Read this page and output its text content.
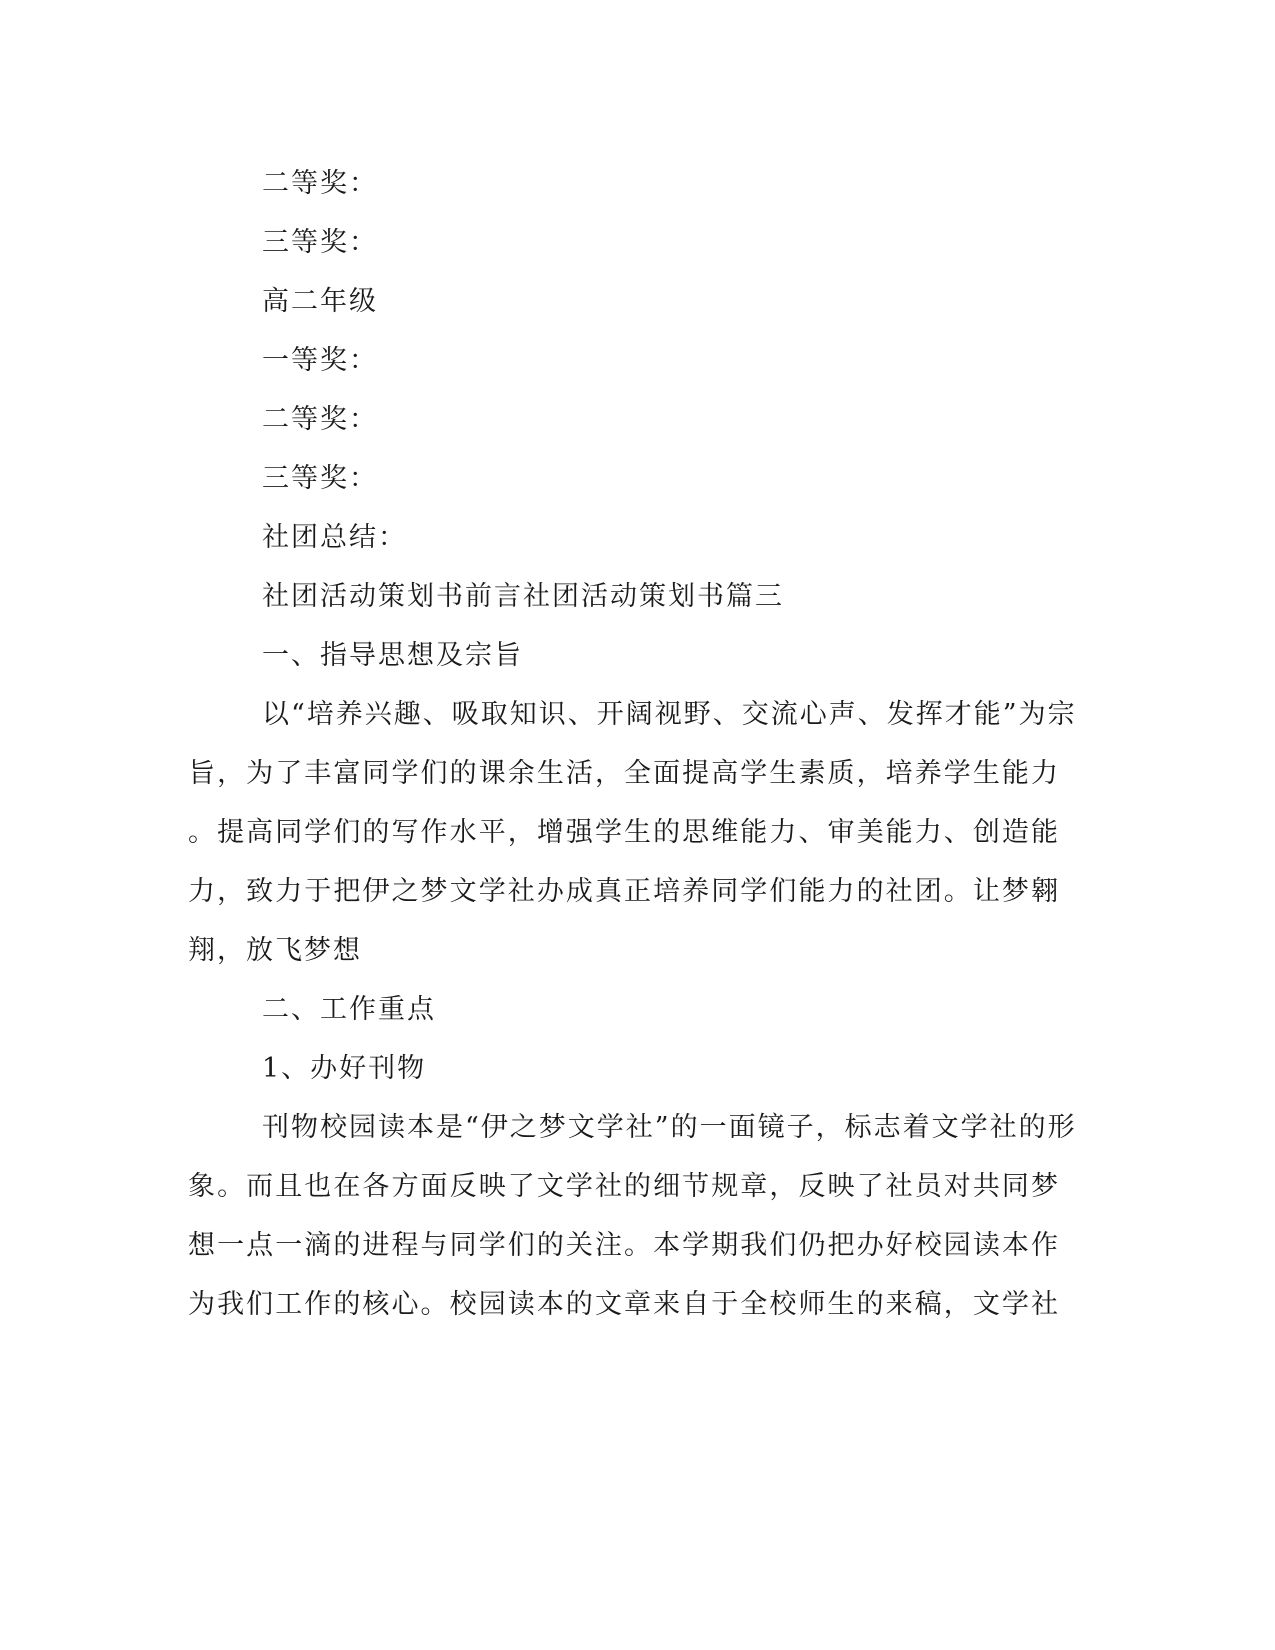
二等奖：
三等奖：
高二年级
一等奖：
二等奖：
三等奖：
社团总结：
社团活动策划书前言社团活动策划书篇三
一、指导思想及宗旨
以“培养兴趣、吸取知识、开阔视野、交流心声、发挥才能”为宗
旨，为了丰富同学们的课余生活，全面提高学生素质，培养学生能力
。提高同学们的写作水平，增强学生的思维能力、审美能力、创造能
力，致力于把伊之梦文学社办成真正培养同学们能力的社团。让梦翱
翔，放飞梦想
二、工作重点
1、办好刊物
刊物校园读本是“伊之梦文学社”的一面镜子，标志着文学社的形
象。而且也在各方面反映了文学社的细节规章，反映了社员对共同梦
想一点一滴的进程与同学们的关注。本学期我们仍把办好校园读本作
为我们工作的核心。校园读本的文章来自于全校师生的来稿，文学社
